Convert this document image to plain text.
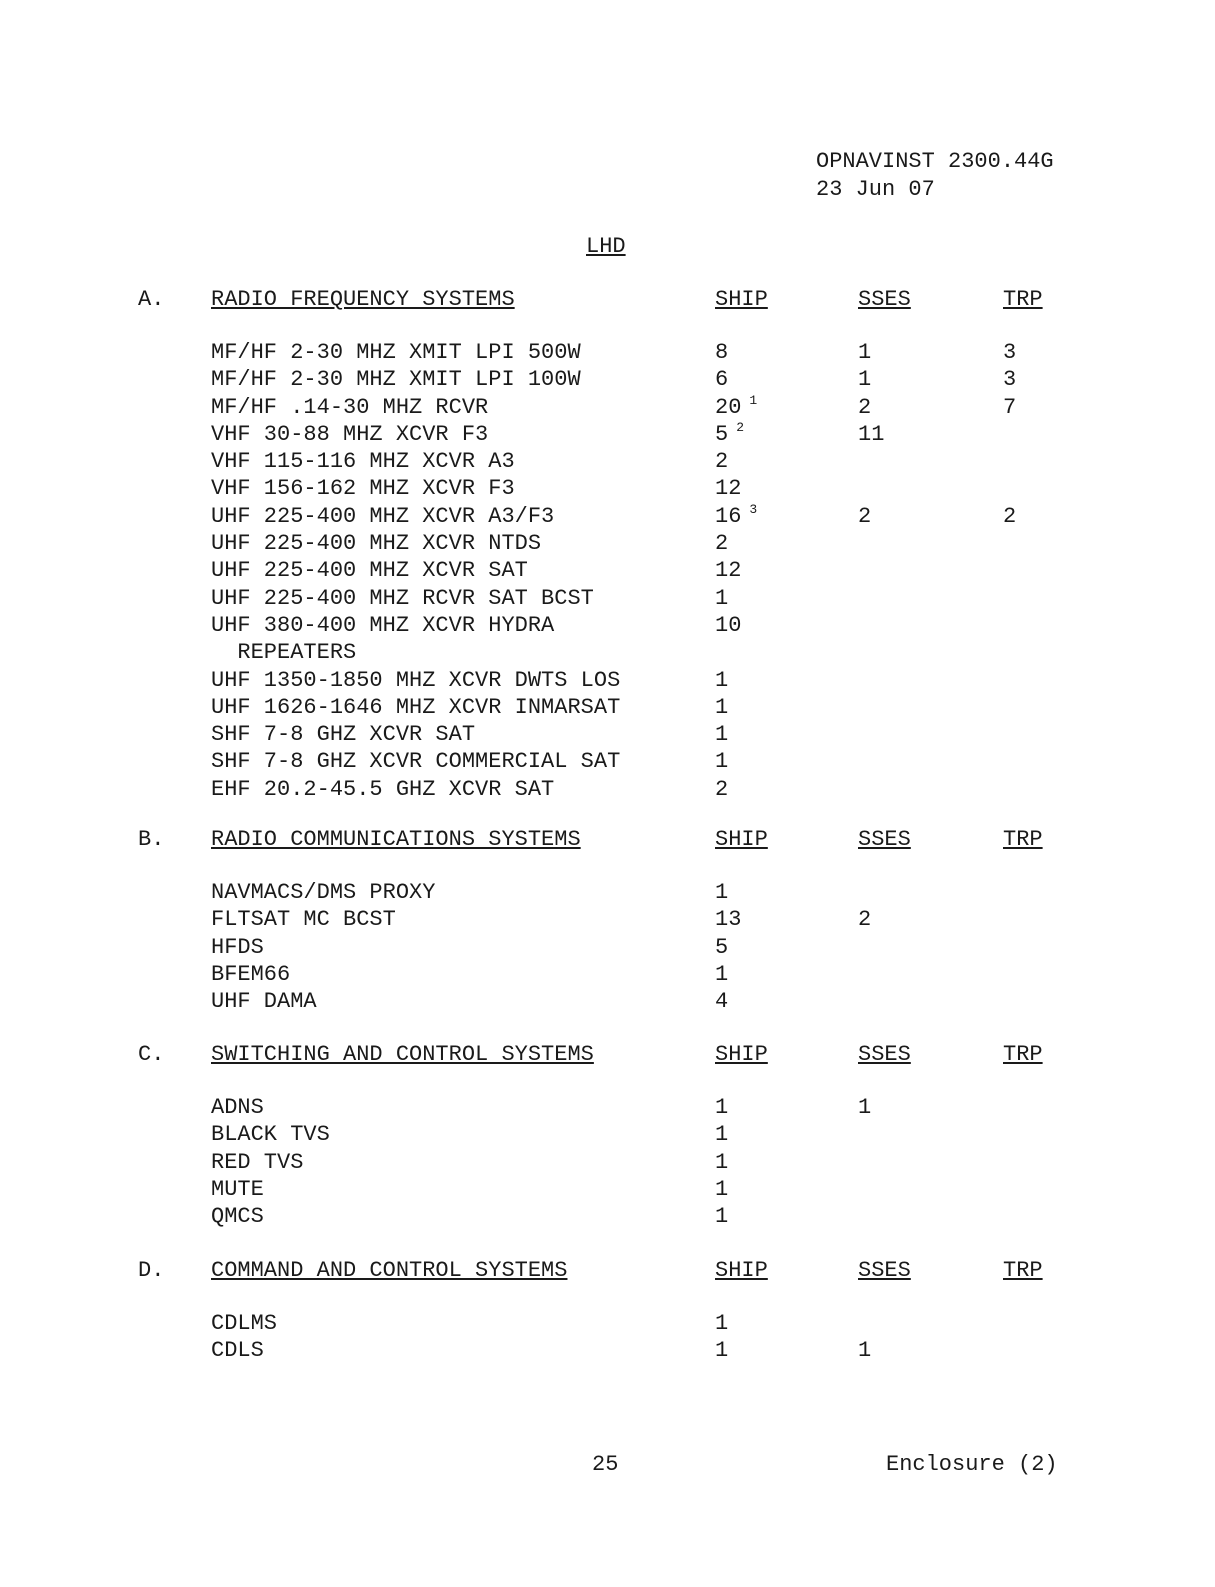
OPNAVINST 2300.44G
23 Jun 07
LHD
A. RADIO FREQUENCY SYSTEMS	SHIP	SSES	TRP
MF/HF 2-30 MHZ XMIT LPI 500W	8	1	3
MF/HF 2-30 MHZ XMIT LPI 100W	6	1	3
MF/HF .14-30 MHZ RCVR	20 $^1$	2	7
VHF 30-88 MHZ XCVR F3	5 $^2$	11
VHF 115-116 MHZ XCVR A3	2
VHF 156-162 MHZ XCVR F3	12
UHF 225-400 MHZ XCVR A3/F3	16 $^3$	2	2
UHF 225-400 MHZ XCVR NTDS	2
UHF 225-400 MHZ XCVR SAT	12
UHF 225-400 MHZ RCVR SAT BCST	1
UHF 380-400 MHZ XCVR HYDRA	10
REPEATERS
UHF 1350-1850 MHZ XCVR DWTS LOS	1
UHF 1626-1646 MHZ XCVR INMARSAT	1
SHF 7-8 GHZ XCVR SAT	1
SHF 7-8 GHZ XCVR COMMERCIAL SAT	1
EHF 20.2-45.5 GHZ XCVR SAT	2
B. RADIO COMMUNICATIONS SYSTEMS	SHIP	SSES	TRP
NAVMACS/DMS PROXY	1
FLTSAT MC BCST	13	2
HFDS	5
BFEM66	1
UHF DAMA	4
C. SWITCHING AND CONTROL SYSTEMS	SHIP	SSES	TRP
ADNS	1	1
BLACK TVS	1
RED TVS	1
MUTE	1
QMCS	1
D. COMMAND AND CONTROL SYSTEMS	SHIP	SSES	TRP
CDLMS	1
CDLS	1	1
25	Enclosure (2)
